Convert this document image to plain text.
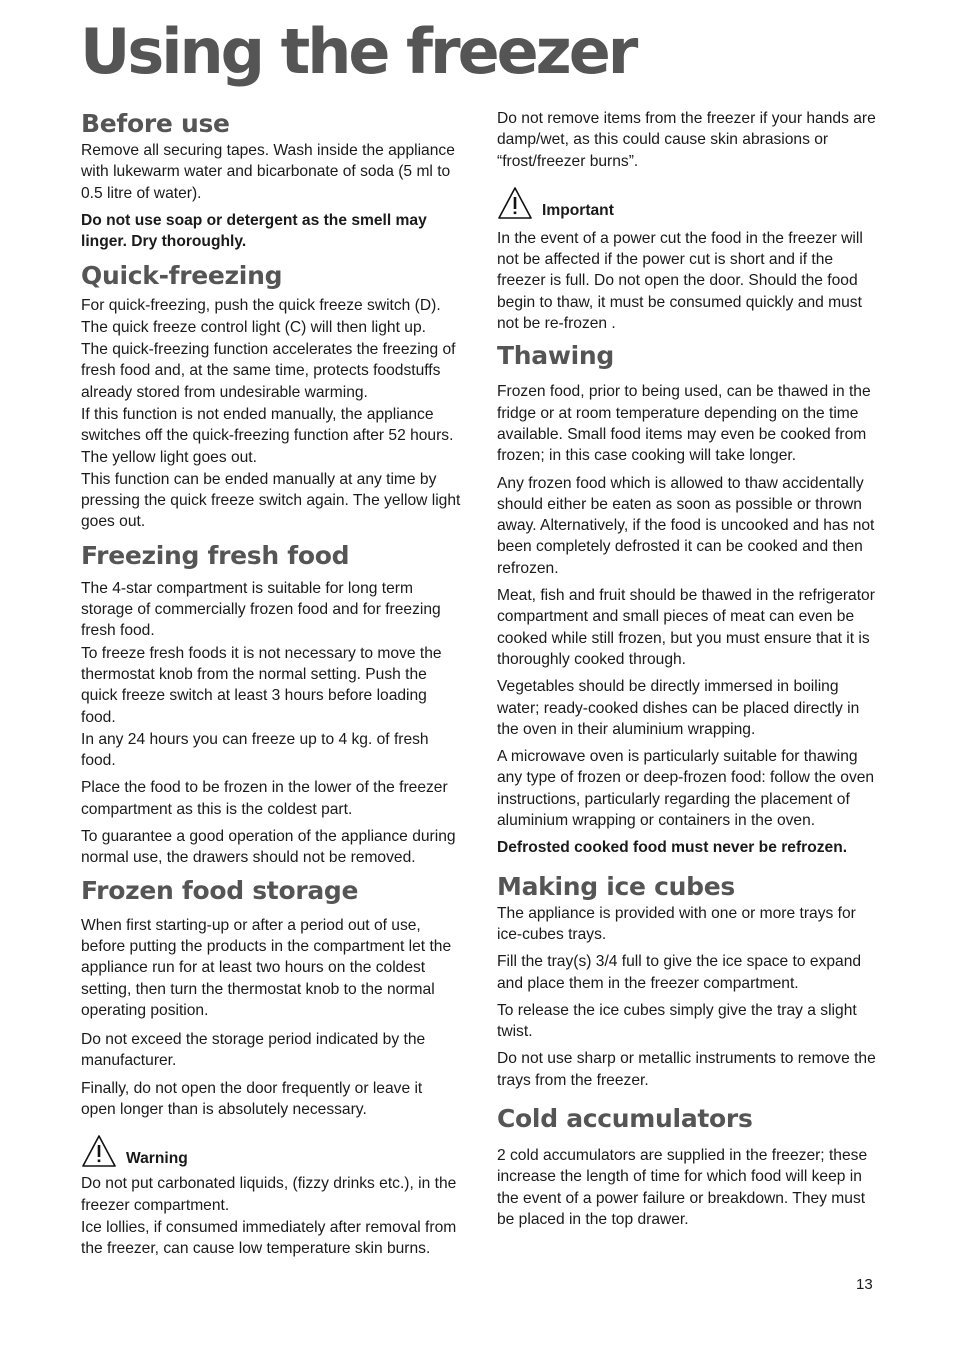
Using the freezer
Before use

Remove all securing tapes. Wash inside the appliance with lukewarm water and bicarbonate of soda (5 ml to 0.5 litre of water).

Do not use soap or detergent as the smell may linger. Dry thoroughly.

Quick-freezing

For quick-freezing, push the quick freeze switch (D). The quick freeze control light (C) will then light up.

The quick-freezing function accelerates the freezing of fresh food and, at the same time, protects foodstuffs already stored from undesirable warming.

If this function is not ended manually, the appliance switches off the quick-freezing function after 52 hours. The yellow light goes out.

This function can be ended manually at any time by pressing the quick freeze switch again. The yellow light goes out.

Freezing fresh food

The 4-star compartment is suitable for long term storage of commercially frozen food and for freezing fresh food.

To freeze fresh foods it is not necessary to move the thermostat knob from the normal setting. Push the quick freeze switch at least 3 hours before loading food.

In any 24 hours you can freeze up to 4 kg. of fresh food.

Place the food to be frozen in the lower of the freezer compartment as this is the coldest part.

To guarantee a good operation of the appliance during normal use, the drawers should not be removed.

Frozen food storage

When first starting-up or after a period out of use, before putting the products in the compartment let the appliance run for at least two hours on the coldest setting, then turn the thermostat knob to the normal operating position.

Do not exceed the storage period indicated by the manufacturer.

Finally, do not open the door frequently or leave it open longer than is absolutely necessary.

Warning

Do not put carbonated liquids, (fizzy drinks etc.), in the freezer compartment.

Ice lollies, if consumed immediately after removal from the freezer, can cause low temperature skin burns.

Do not remove items from the freezer if your hands are damp/wet, as this could cause skin abrasions or “frost/freezer burns”.

Important

In the event of a power cut the food in the freezer will not be affected if the power cut is short and if the freezer is full. Do not open the door. Should the food begin to thaw, it must be consumed quickly and must not be re-frozen .

Thawing

Frozen food, prior to being used, can be thawed in the fridge or at room temperature depending on the time available. Small food items may even be cooked from frozen; in this case cooking will take longer.

Any frozen food which is allowed to thaw accidentally should either be eaten as soon as possible or thrown away. Alternatively, if the food is uncooked and has not been completely defrosted it can be cooked and then refrozen.

Meat, fish and fruit should be thawed in the refrigerator compartment and small pieces of meat can even be cooked while still frozen, but you must ensure that it is thoroughly cooked through.

Vegetables should be directly immersed in boiling water; ready-cooked dishes can be placed directly in the oven in their aluminium wrapping.

A microwave oven is particularly suitable for thawing any type of frozen or deep-frozen food: follow the oven instructions, particularly regarding the placement of aluminium wrapping or containers in the oven.

Defrosted cooked food must never be refrozen.

Making ice cubes

The appliance is provided with one or more trays for ice-cubes trays.

Fill the tray(s) 3/4 full to give the ice space to expand and place them in the freezer compartment.

To release the ice cubes simply give the tray a slight twist.

Do not use sharp or metallic instruments to remove the trays from the freezer.

Cold accumulators

2 cold accumulators are supplied in the freezer; these increase the length of time for which food will keep in the event of a power failure or breakdown. They must be placed in the top drawer.

13
